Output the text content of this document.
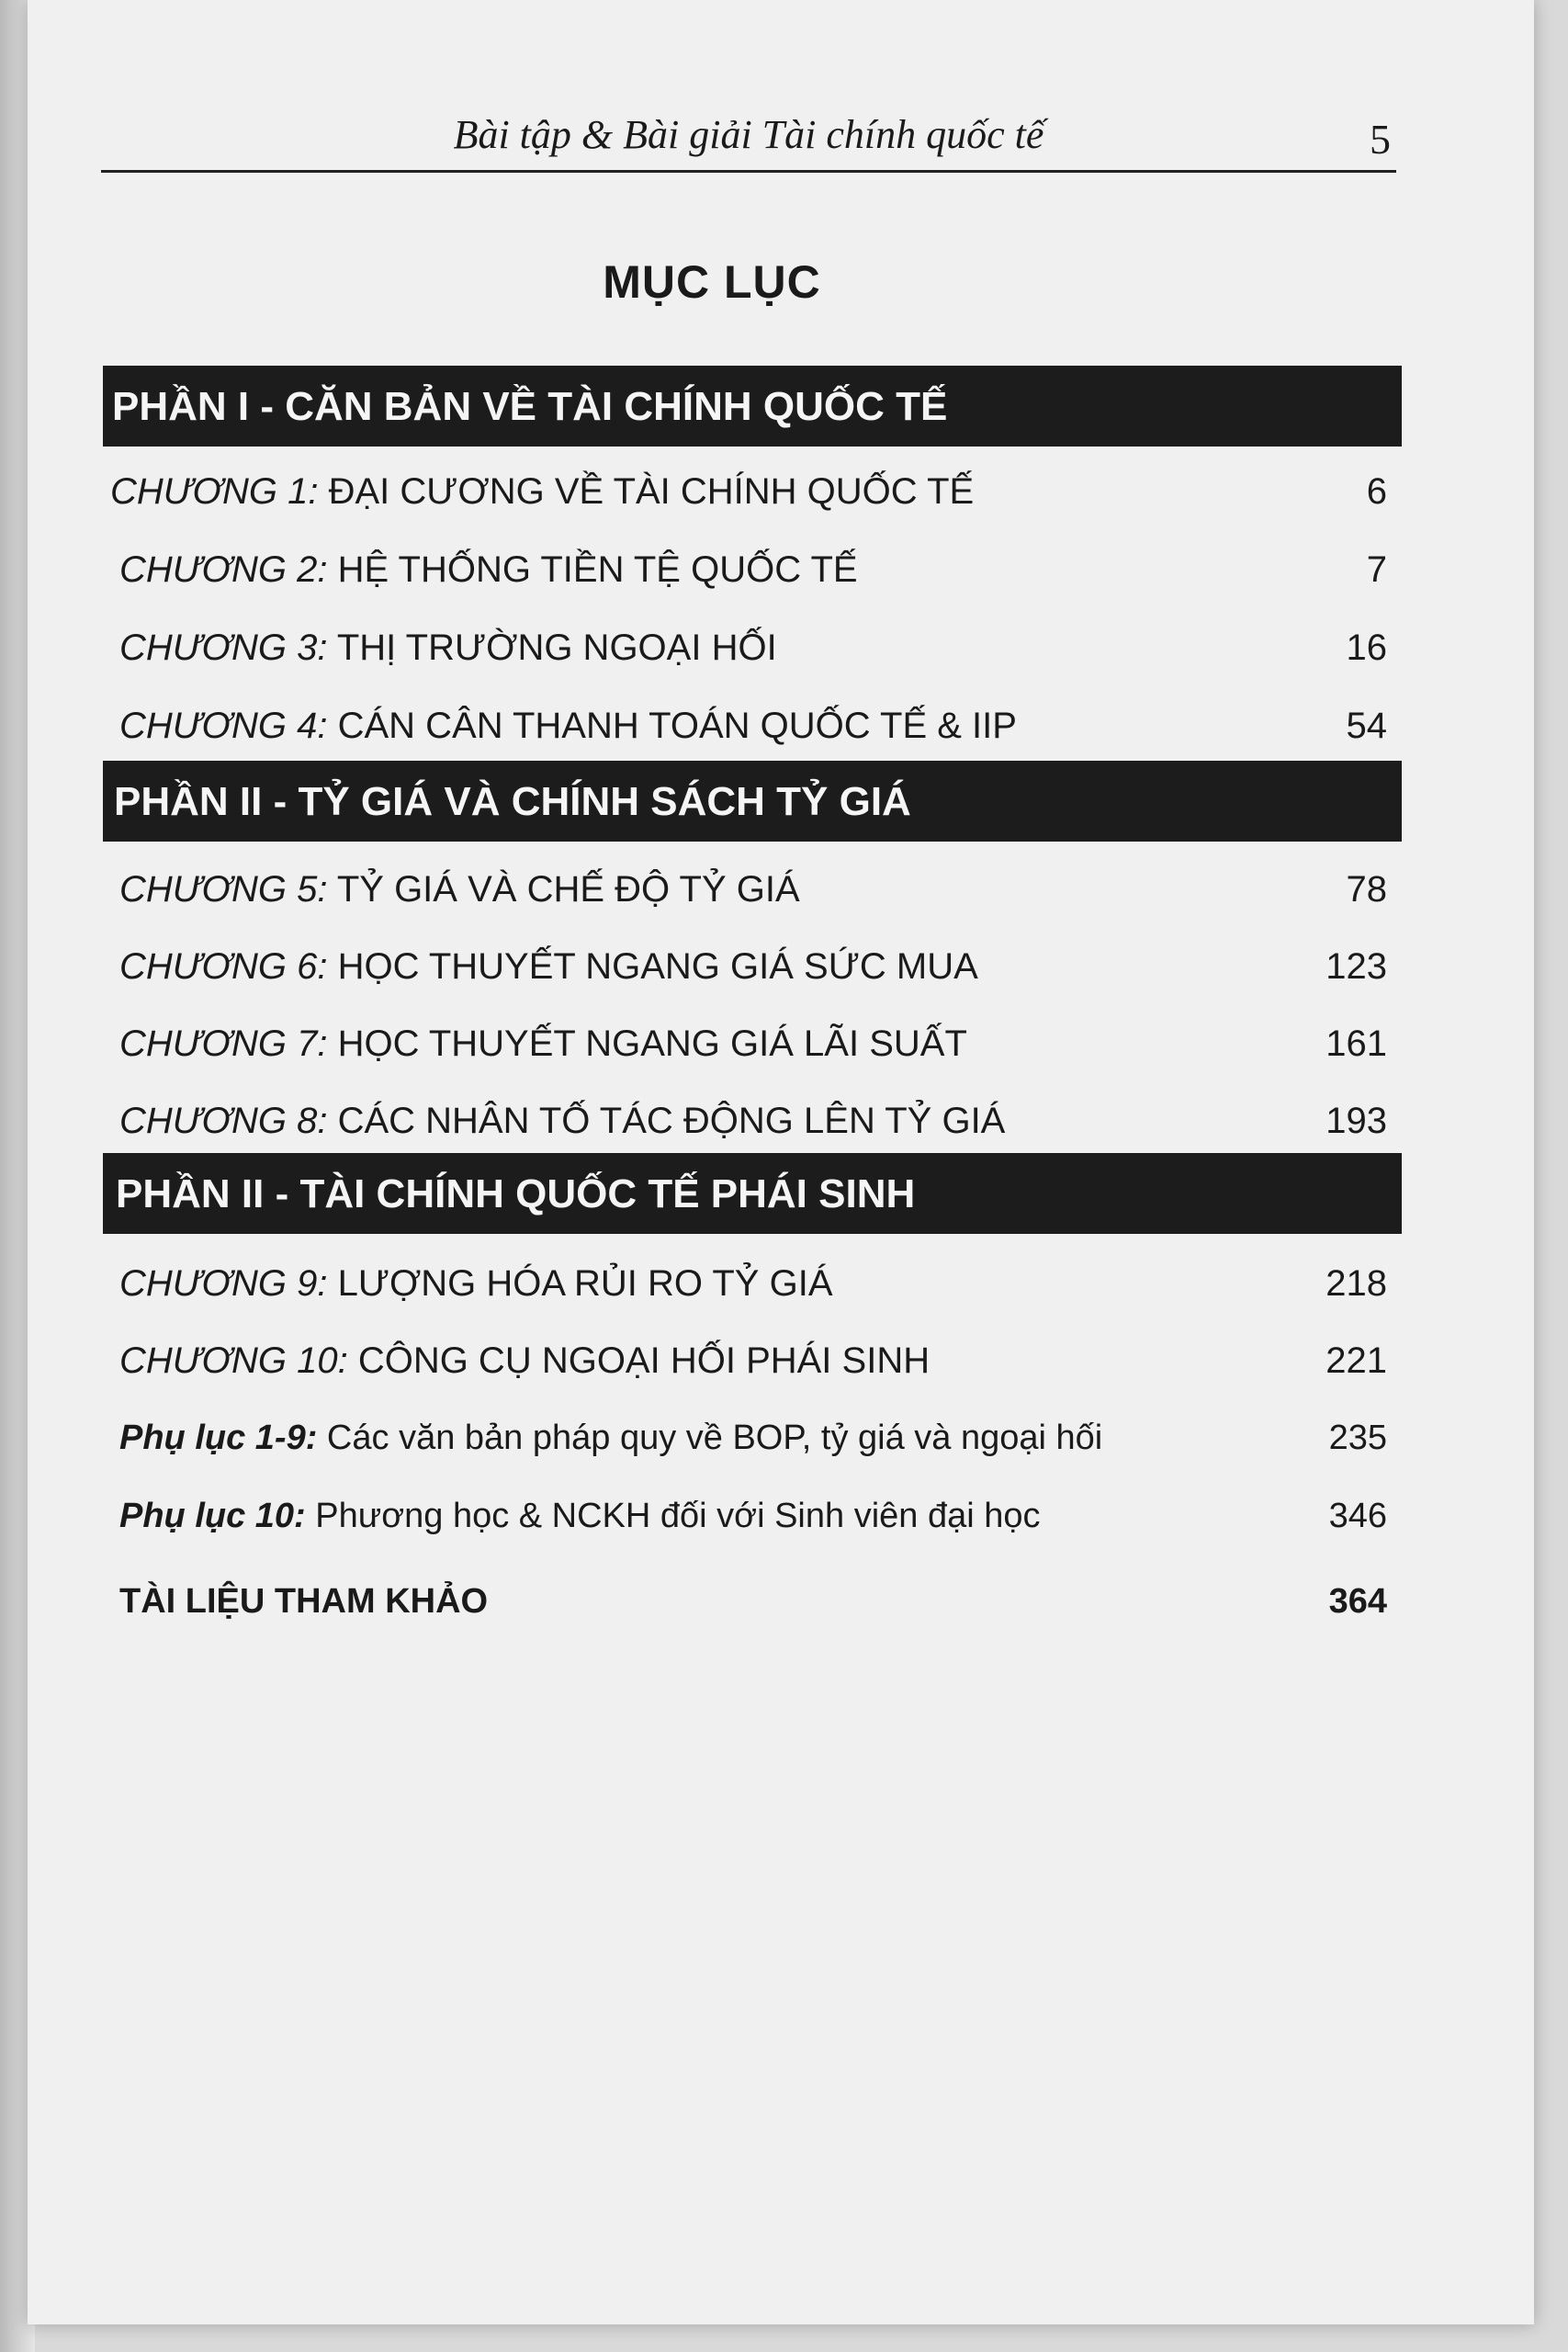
Bài tập & Bài giải Tài chính quốc tế	5
MỤC LỤC
PHẦN I - CĂN BẢN VỀ TÀI CHÍNH QUỐC TẾ
CHƯƠNG 1: ĐẠI CƯƠNG VỀ TÀI CHÍNH QUỐC TẾ	6
CHƯƠNG 2: HỆ THỐNG TIỀN TỆ QUỐC TẾ	7
CHƯƠNG 3: THỊ TRƯỜNG NGOẠI HỐI	16
CHƯƠNG 4: CÁN CÂN THANH TOÁN QUỐC TẾ & IIP	54
PHẦN II - TỶ GIÁ VÀ CHÍNH SÁCH TỶ GIÁ
CHƯƠNG 5: TỶ GIÁ VÀ CHẾ ĐỘ TỶ GIÁ	78
CHƯƠNG 6: HỌC THUYẾT NGANG GIÁ SỨC MUA	123
CHƯƠNG 7: HỌC THUYẾT NGANG GIÁ LÃI SUẤT	161
CHƯƠNG 8: CÁC NHÂN TỐ TÁC ĐỘNG LÊN TỶ GIÁ	193
PHẦN II - TÀI CHÍNH QUỐC TẾ PHÁI SINH
CHƯƠNG 9: LƯỢNG HÓA RỦI RO TỶ GIÁ	218
CHƯƠNG 10: CÔNG CỤ NGOẠI HỐI PHÁI SINH	221
Phụ lục 1-9: Các văn bản pháp quy về BOP, tỷ giá và ngoại hối	235
Phụ lục 10: Phương học & NCKH đối với Sinh viên đại học	346
TÀI LIỆU THAM KHẢO	364
